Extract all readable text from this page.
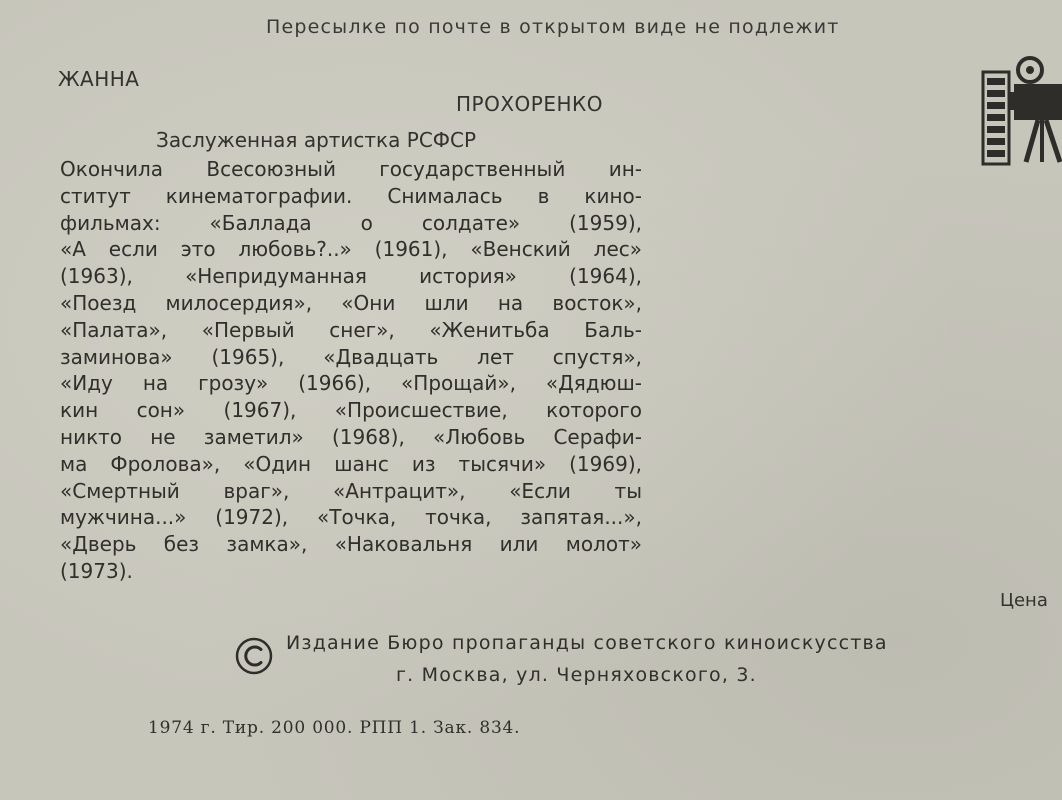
Пересылке по почте в открытом виде не подлежит
ЖАННА
ПРОХОРЕНКО
Заслуженная артистка РСФСР
Окончила Всесоюзный государственный ин-
ститут кинематографии. Снималась в кино-
фильмах: «Баллада о солдате» (1959),
«А если это любовь?..» (1961), «Венский лес»
(1963), «Непридуманная история» (1964),
«Поезд милосердия», «Они шли на восток»,
«Палата», «Первый снег», «Женитьба Баль-
заминова» (1965), «Двадцать лет спустя»,
«Иду на грозу» (1966), «Прощай», «Дядюш-
кин сон» (1967), «Происшествие, которого
никто не заметил» (1968), «Любовь Серафи-
ма Фролова», «Один шанс из тысячи» (1969),
«Смертный враг», «Антрацит», «Если ты
мужчина...» (1972), «Точка, точка, запятая...»,
«Дверь без замка», «Наковальня или молот»
(1973).
Цена
Издание Бюро пропаганды советского киноискусства
г. Москва, ул. Черняховского, 3.
1974 г. Тир. 200 000. РПП 1. Зак. 834.
